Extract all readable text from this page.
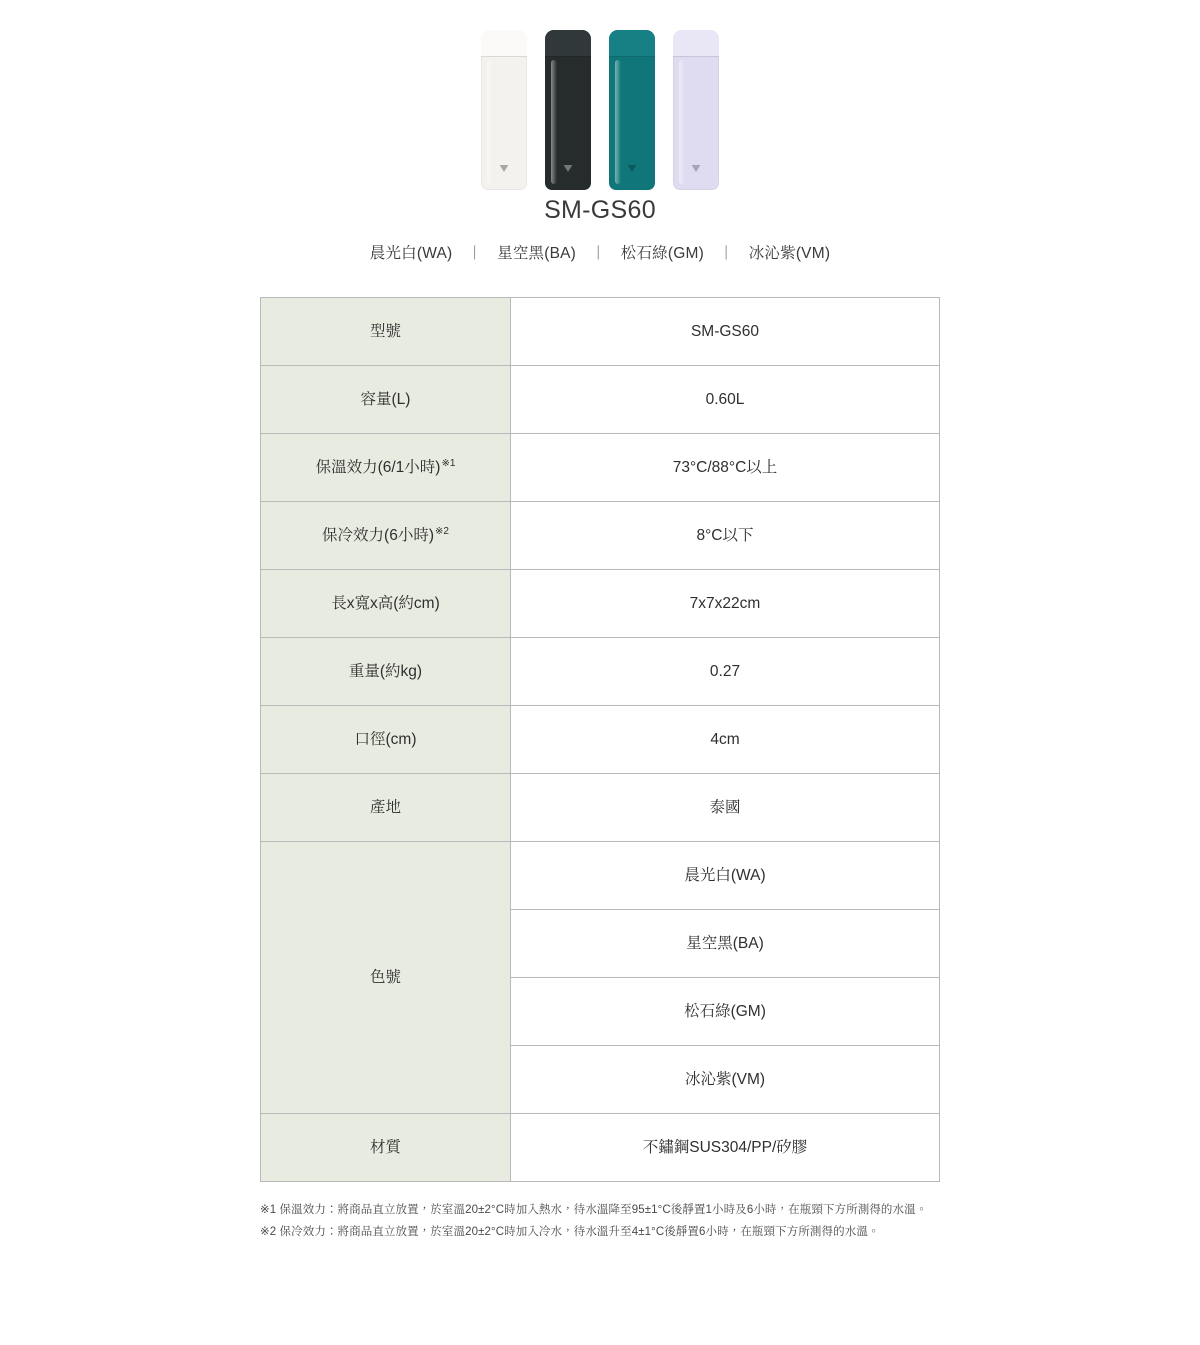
SM-GS60
晨光白(WA) 丨 星空黑(BA) 丨 松石綠(GM) 丨 冰沁紫(VM)
型號	SM-GS60
容量(L)	0.60L
保溫效力(6/1小時)$^{※1}$	73°C/88°C以上
保冷效力(6小時)$^{※2}$	8°C以下
長x寬x高(約cm)	7x7x22cm
重量(約kg)	0.27
口徑(cm)	4cm
產地	泰國
色號	晨光白(WA)
	星空黑(BA)
	松石綠(GM)
	冰沁紫(VM)
材質	不鏽鋼SUS304/PP/矽膠
※1 保溫效力：將商品直立放置，於室溫20±2°C時加入熱水，待水溫降至95±1°C後靜置1小時及6小時，在瓶頸下方所測得的水溫。
※2 保冷效力：將商品直立放置，於室溫20±2°C時加入冷水，待水溫升至4±1°C後靜置6小時，在瓶頸下方所測得的水溫。
